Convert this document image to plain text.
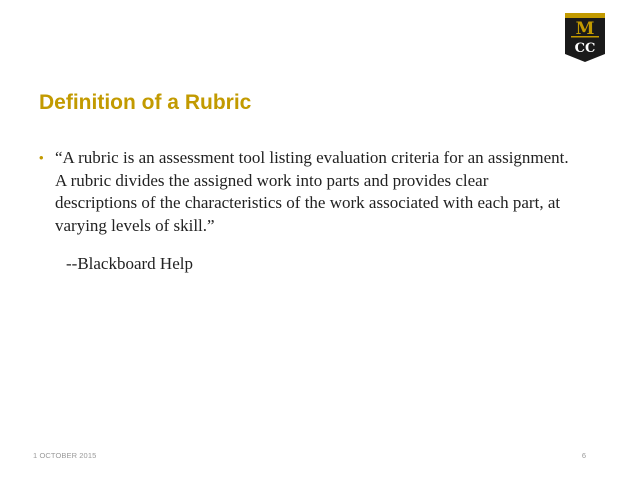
M
CC
Definition of a Rubric
• “A rubric is an assessment tool listing evaluation criteria for an assignment. A rubric divides the assigned work into parts and provides clear descriptions of the characteristics of the work associated with each part, at varying levels of skill.”
--Blackboard Help
1 OCTOBER 2015	6
